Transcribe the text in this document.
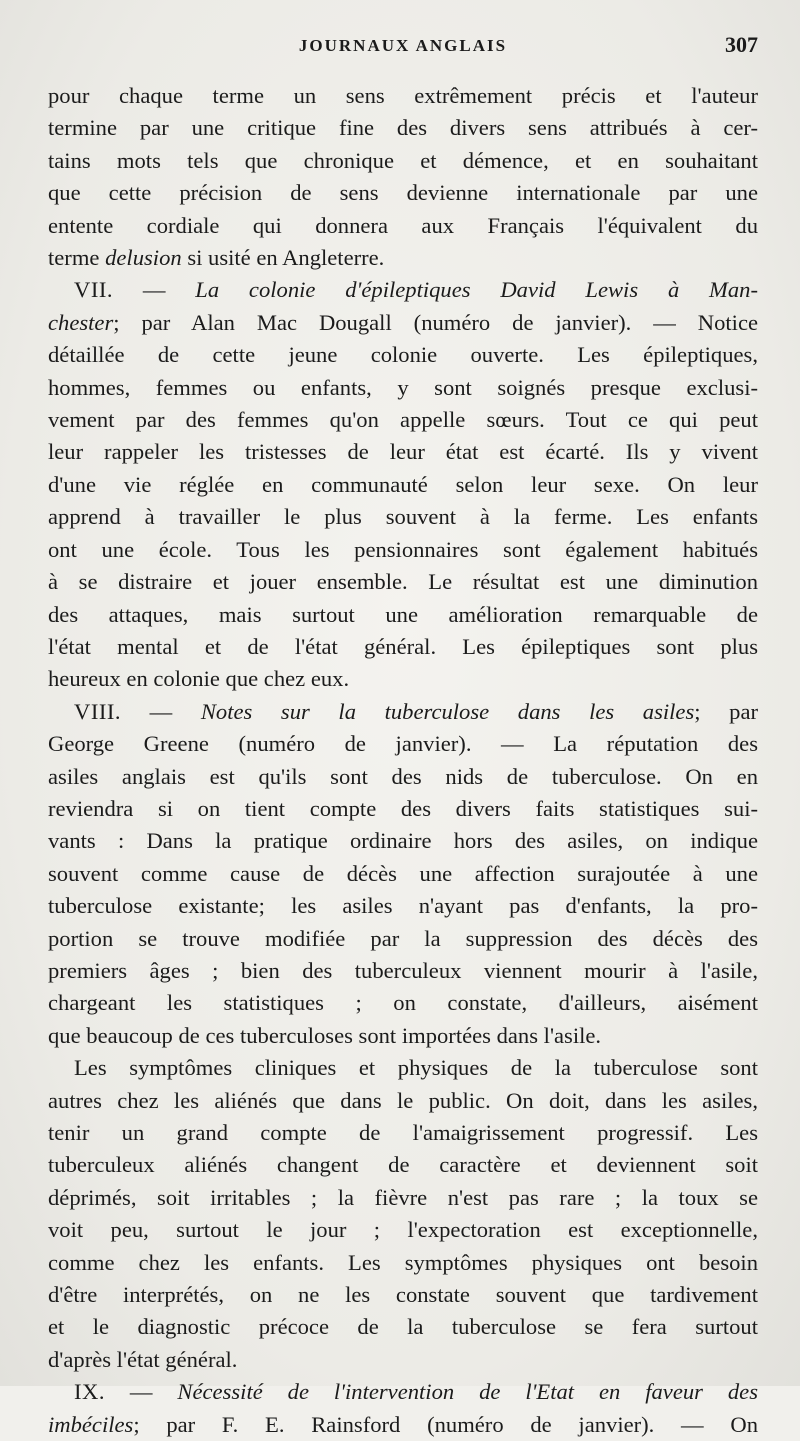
JOURNAUX ANGLAIS	307
pour chaque terme un sens extrêmement précis et l'auteur
termine par une critique fine des divers sens attribués à cer-
tains mots tels que chronique et démence, et en souhaitant
que cette précision de sens devienne internationale par une
entente cordiale qui donnera aux Français l'équivalent du
terme delusion si usité en Angleterre.
VII. — La colonie d'épileptiques David Lewis à Man-
chester; par Alan Mac Dougall (numéro de janvier). — Notice
détaillée de cette jeune colonie ouverte. Les épileptiques,
hommes, femmes ou enfants, y sont soignés presque exclusi-
vement par des femmes qu'on appelle sœurs. Tout ce qui peut
leur rappeler les tristesses de leur état est écarté. Ils y vivent
d'une vie réglée en communauté selon leur sexe. On leur
apprend à travailler le plus souvent à la ferme. Les enfants
ont une école. Tous les pensionnaires sont également habitués
à se distraire et jouer ensemble. Le résultat est une diminution
des attaques, mais surtout une amélioration remarquable de
l'état mental et de l'état général. Les épileptiques sont plus
heureux en colonie que chez eux.
VIII. — Notes sur la tuberculose dans les asiles; par
George Greene (numéro de janvier). — La réputation des
asiles anglais est qu'ils sont des nids de tuberculose. On en
reviendra si on tient compte des divers faits statistiques sui-
vants : Dans la pratique ordinaire hors des asiles, on indique
souvent comme cause de décès une affection surajoutée à une
tuberculose existante; les asiles n'ayant pas d'enfants, la pro-
portion se trouve modifiée par la suppression des décès des
premiers âges ; bien des tuberculeux viennent mourir à l'asile,
chargeant les statistiques ; on constate, d'ailleurs, aisément
que beaucoup de ces tuberculoses sont importées dans l'asile.
Les symptômes cliniques et physiques de la tuberculose sont
autres chez les aliénés que dans le public. On doit, dans les asiles,
tenir un grand compte de l'amaigrissement progressif. Les
tuberculeux aliénés changent de caractère et deviennent soit
déprimés, soit irritables ; la fièvre n'est pas rare ; la toux se
voit peu, surtout le jour ; l'expectoration est exceptionnelle,
comme chez les enfants. Les symptômes physiques ont besoin
d'être interprétés, on ne les constate souvent que tardivement
et le diagnostic précoce de la tuberculose se fera surtout
d'après l'état général.
IX. — Nécessité de l'intervention de l'Etat en faveur des
imbéciles; par F. E. Rainsford (numéro de janvier). — On
